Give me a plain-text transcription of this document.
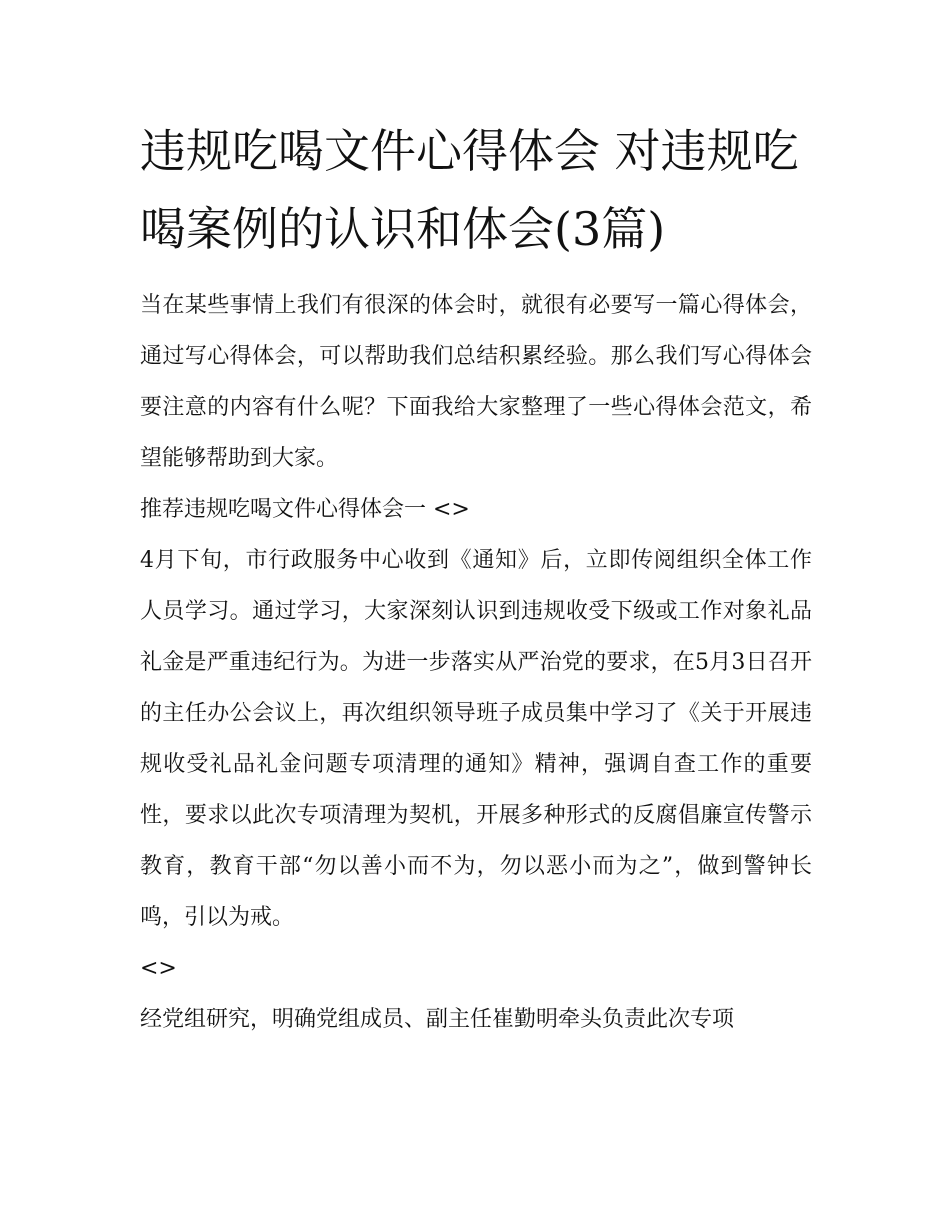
违规吃喝文件心得体会 对违规吃喝案例的认识和体会(3篇)

当在某些事情上我们有很深的体会时，就很有必要写一篇心得体会，通过写心得体会，可以帮助我们总结积累经验。那么我们写心得体会要注意的内容有什么呢？下面我给大家整理了一些心得体会范文，希望能够帮助到大家。

推荐违规吃喝文件心得体会一 <>

4月下旬，市行政服务中心收到《通知》后，立即传阅组织全体工作人员学习。通过学习，大家深刻认识到违规收受下级或工作对象礼品礼金是严重违纪行为。为进一步落实从严治党的要求，在5月3日召开的主任办公会议上，再次组织领导班子成员集中学习了《关于开展违规收受礼品礼金问题专项清理的通知》精神，强调自查工作的重要性，要求以此次专项清理为契机，开展多种形式的反腐倡廉宣传警示教育，教育干部“勿以善小而不为，勿以恶小而为之”，做到警钟长鸣，引以为戒。

<>

经党组研究，明确党组成员、副主任崔勤明牵头负责此次专项
